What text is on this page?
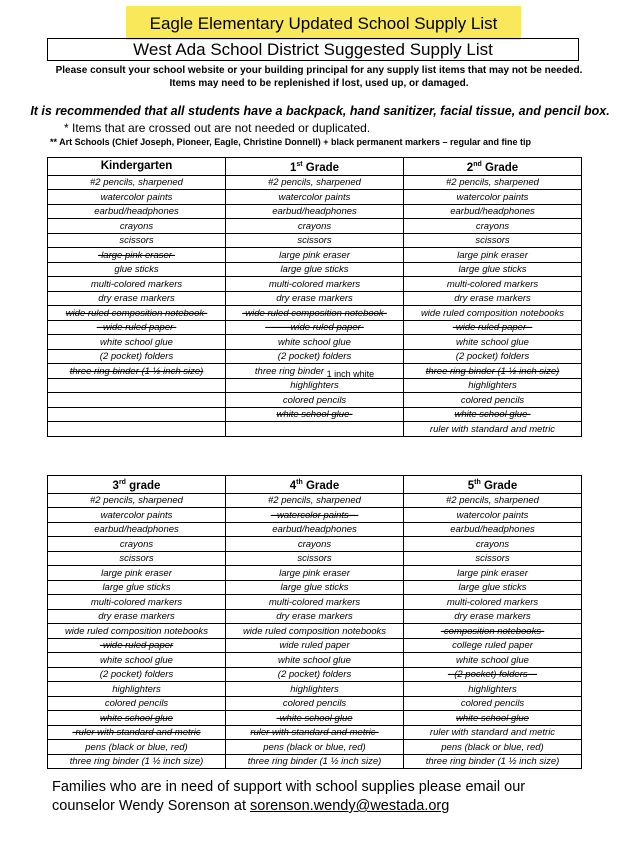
Eagle Elementary Updated School Supply List
West Ada School District Suggested Supply List
Please consult your school website or your building principal for any supply list items that may not be needed.
Items may need to be replenished if lost, used up, or damaged.
It is recommended that all students have a backpack, hand sanitizer, facial tissue, and pencil box.
* Items that are crossed out are not needed or duplicated.
** Art Schools (Chief Joseph, Pioneer, Eagle, Christine Donnell) + black permanent markers – regular and fine tip
Kindergarten	1st Grade	2nd Grade
#2 pencils, sharpened	#2 pencils, sharpened	#2 pencils, sharpened
watercolor paints	watercolor paints	watercolor paints
earbud/headphones	earbud/headphones	earbud/headphones
crayons	crayons	crayons
scissors	scissors	scissors
-large pink eraser-	large pink eraser	large pink eraser
glue sticks	large glue sticks	large glue sticks
multi-colored markers	multi-colored markers	multi-colored markers
dry erase markers	dry erase markers	dry erase markers
wide ruled composition notebook-	-wide ruled composition notebook-	wide ruled composition notebooks
--wide ruled paper-	--------wide ruled paper-	-wide ruled paper--
white school glue	white school glue	white school glue
(2 pocket) folders	(2 pocket) folders	(2 pocket) folders
three ring binder (1 ½ inch size)	three ring binder 1 inch white	three ring binder (1 ½ inch size)
	highlighters	highlighters
	colored pencils	colored pencils
	white school glue-	white school glue-
		ruler with standard and metric
3rd grade	4th Grade	5th Grade
#2 pencils, sharpened	#2 pencils, sharpened	#2 pencils, sharpened
watercolor paints	--watercolor paints---	watercolor paints
earbud/headphones	earbud/headphones	earbud/headphones
crayons	crayons	crayons
scissors	scissors	scissors
large pink eraser	large pink eraser	large pink eraser
large glue sticks	large glue sticks	large glue sticks
multi-colored markers	multi-colored markers	multi-colored markers
dry erase markers	dry erase markers	dry erase markers
wide ruled composition notebooks	wide ruled composition notebooks	-composition notebooks-
-wide ruled paper	wide ruled paper	college ruled paper
white school glue	white school glue	white school glue
(2 pocket) folders	(2 pocket) folders	--(2 pocket) folders---
highlighters	highlighters	highlighters
colored pencils	colored pencils	colored pencils
white school glue	-white school glue	white school glue
-ruler with standard and metric	ruler with standard and metric-	ruler with standard and metric
pens (black or blue, red)	pens (black or blue, red)	pens (black or blue, red)
three ring binder (1 ½ inch size)	three ring binder (1 ½ inch size)	three ring binder (1 ½ inch size)
Families who are in need of support with school supplies please email our
counselor Wendy Sorenson at sorenson.wendy@westada.org
